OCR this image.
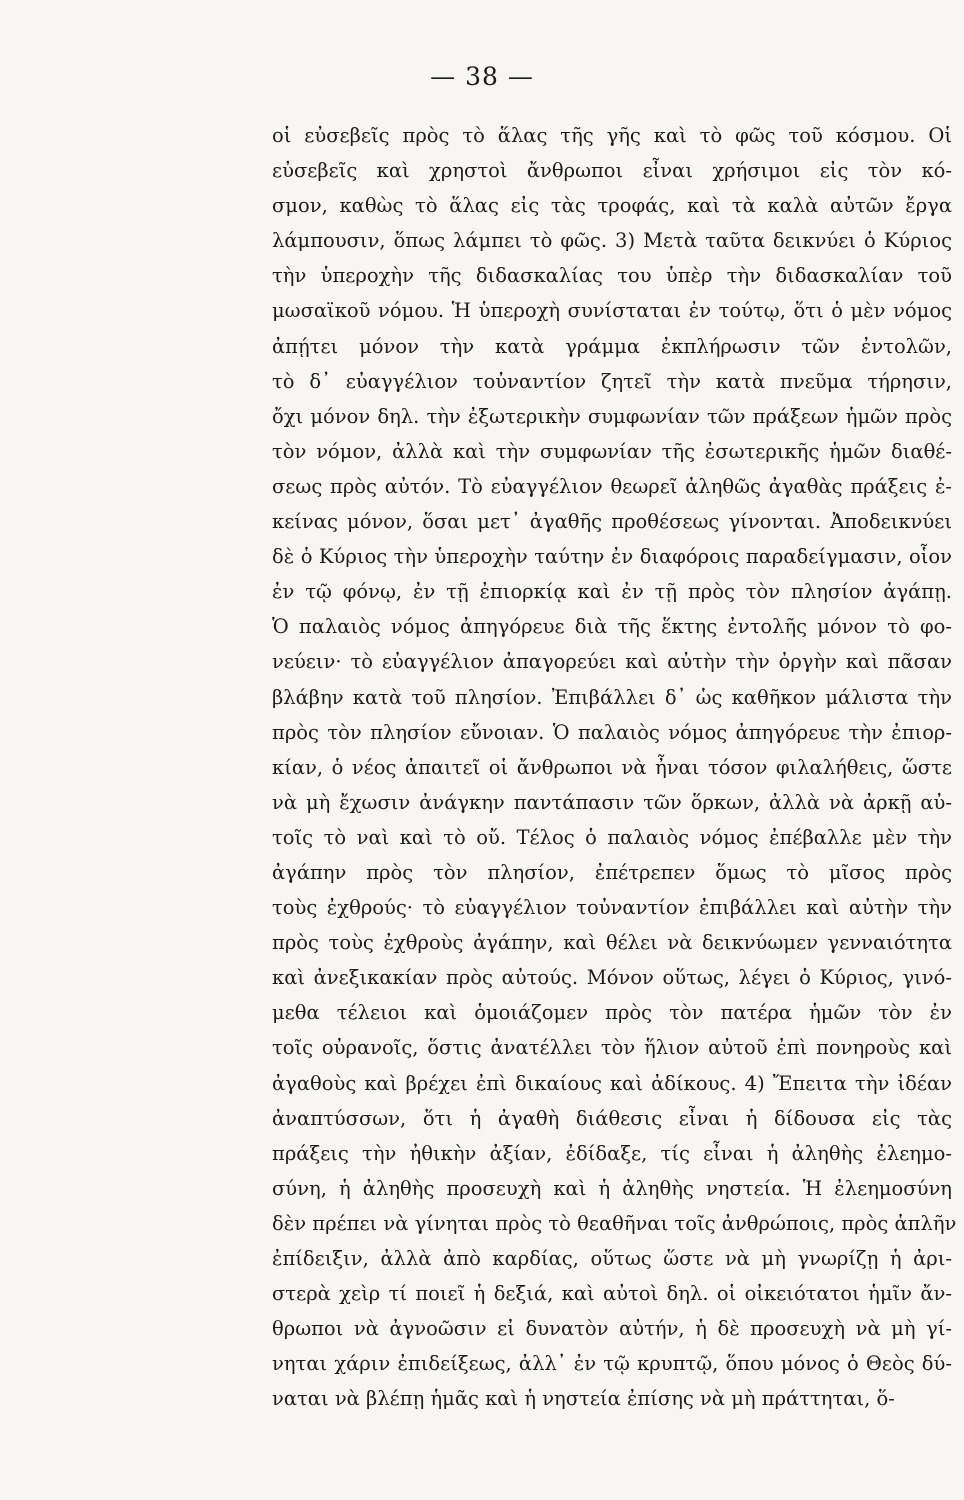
— 38 —
οἱ εὐσεβεῖς πρὸς τὸ ἅλας τῆς γῆς καὶ τὸ φῶς τοῦ κόσμου. Οἱ
εὐσεβεῖς καὶ χρηστοὶ ἄνθρωποι εἶναι χρήσιμοι εἰς τὸν κό-
σμον, καθὼς τὸ ἅλας εἰς τὰς τροφάς, καὶ τὰ καλὰ αὐτῶν ἔργα
λάμπουσιν, ὅπως λάμπει τὸ φῶς. 3) Μετὰ ταῦτα δεικνύει ὁ Κύριος
τὴν ὑπεροχὴν τῆς διδασκαλίας του ὑπὲρ τὴν διδασκαλίαν τοῦ
μωσαϊκοῦ νόμου. Ἡ ὑπεροχὴ συνίσταται ἐν τούτῳ, ὅτι ὁ μὲν νόμος
ἀπῄτει μόνον τὴν κατὰ γράμμα ἐκπλήρωσιν τῶν ἐντολῶν,
τὸ δ᾽ εὐαγγέλιον τοὐναντίον ζητεῖ τὴν κατὰ πνεῦμα τήρησιν,
ὄχι μόνον δηλ. τὴν ἐξωτερικὴν συμφωνίαν τῶν πράξεων ἡμῶν πρὸς
τὸν νόμον, ἀλλὰ καὶ τὴν συμφωνίαν τῆς ἐσωτερικῆς ἡμῶν διαθέ-
σεως πρὸς αὐτόν. Τὸ εὐαγγέλιον θεωρεῖ ἀληθῶς ἀγαθὰς πράξεις ἐ-
κείνας μόνον, ὅσαι μετ᾽ ἀγαθῆς προθέσεως γίνονται. Ἀποδεικνύει
δὲ ὁ Κύριος τὴν ὑπεροχὴν ταύτην ἐν διαφόροις παραδείγμασιν, οἷον
ἐν τῷ φόνῳ, ἐν τῇ ἐπιορκίᾳ καὶ ἐν τῇ πρὸς τὸν πλησίον ἀγάπῃ.
Ὁ παλαιὸς νόμος ἀπηγόρευε διὰ τῆς ἕκτης ἐντολῆς μόνον τὸ φο-
νεύειν· τὸ εὐαγγέλιον ἀπαγορεύει καὶ αὐτὴν τὴν ὀργὴν καὶ πᾶσαν
βλάβην κατὰ τοῦ πλησίον. Ἐπιβάλλει δ᾽ ὡς καθῆκον μάλιστα τὴν
πρὸς τὸν πλησίον εὔνοιαν. Ὁ παλαιὸς νόμος ἀπηγόρευε τὴν ἐπιορ-
κίαν, ὁ νέος ἀπαιτεῖ οἱ ἄνθρωποι νὰ ἦναι τόσον φιλαλήθεις, ὥστε
νὰ μὴ ἔχωσιν ἀνάγκην παντάπασιν τῶν ὅρκων, ἀλλὰ νὰ ἀρκῇ αὐ-
τοῖς τὸ ναὶ καὶ τὸ οὔ. Τέλος ὁ παλαιὸς νόμος ἐπέβαλλε μὲν τὴν
ἀγάπην πρὸς τὸν πλησίον, ἐπέτρεπεν ὅμως τὸ μῖσος πρὸς
τοὺς ἐχθρούς· τὸ εὐαγγέλιον τοὐναντίον ἐπιβάλλει καὶ αὐτὴν τὴν
πρὸς τοὺς ἐχθροὺς ἀγάπην, καὶ θέλει νὰ δεικνύωμεν γενναιότητα
καὶ ἀνεξικακίαν πρὸς αὐτούς. Μόνον οὕτως, λέγει ὁ Κύριος, γινό-
μεθα τέλειοι καὶ ὁμοιάζομεν πρὸς τὸν πατέρα ἡμῶν τὸν ἐν
τοῖς οὐρανοῖς, ὅστις ἀνατέλλει τὸν ἥλιον αὐτοῦ ἐπὶ πονηροὺς καὶ
ἀγαθοὺς καὶ βρέχει ἐπὶ δικαίους καὶ ἀδίκους. 4) Ἔπειτα τὴν ἰδέαν
ἀναπτύσσων, ὅτι ἡ ἀγαθὴ διάθεσις εἶναι ἡ δίδουσα εἰς τὰς
πράξεις τὴν ἠθικὴν ἀξίαν, ἐδίδαξε, τίς εἶναι ἡ ἀληθὴς ἐλεημο-
σύνη, ἡ ἀληθὴς προσευχὴ καὶ ἡ ἀληθὴς νηστεία. Ἡ ἐλεημοσύνη
δὲν πρέπει νὰ γίνηται πρὸς τὸ θεαθῆναι τοῖς ἀνθρώποις, πρὸς ἁπλῆν
ἐπίδειξιν, ἀλλὰ ἀπὸ καρδίας, οὕτως ὥστε νὰ μὴ γνωρίζῃ ἡ ἀρι-
στερὰ χεὶρ τί ποιεῖ ἡ δεξιά, καὶ αὐτοὶ δηλ. οἱ οἰκειότατοι ἡμῖν ἄν-
θρωποι νὰ ἀγνοῶσιν εἰ δυνατὸν αὐτήν, ἡ δὲ προσευχὴ νὰ μὴ γί-
νηται χάριν ἐπιδείξεως, ἀλλ᾽ ἐν τῷ κρυπτῷ, ὅπου μόνος ὁ Θεὸς δύ-
ναται νὰ βλέπῃ ἡμᾶς καὶ ἡ νηστεία ἐπίσης νὰ μὴ πράττηται, ὅ-
